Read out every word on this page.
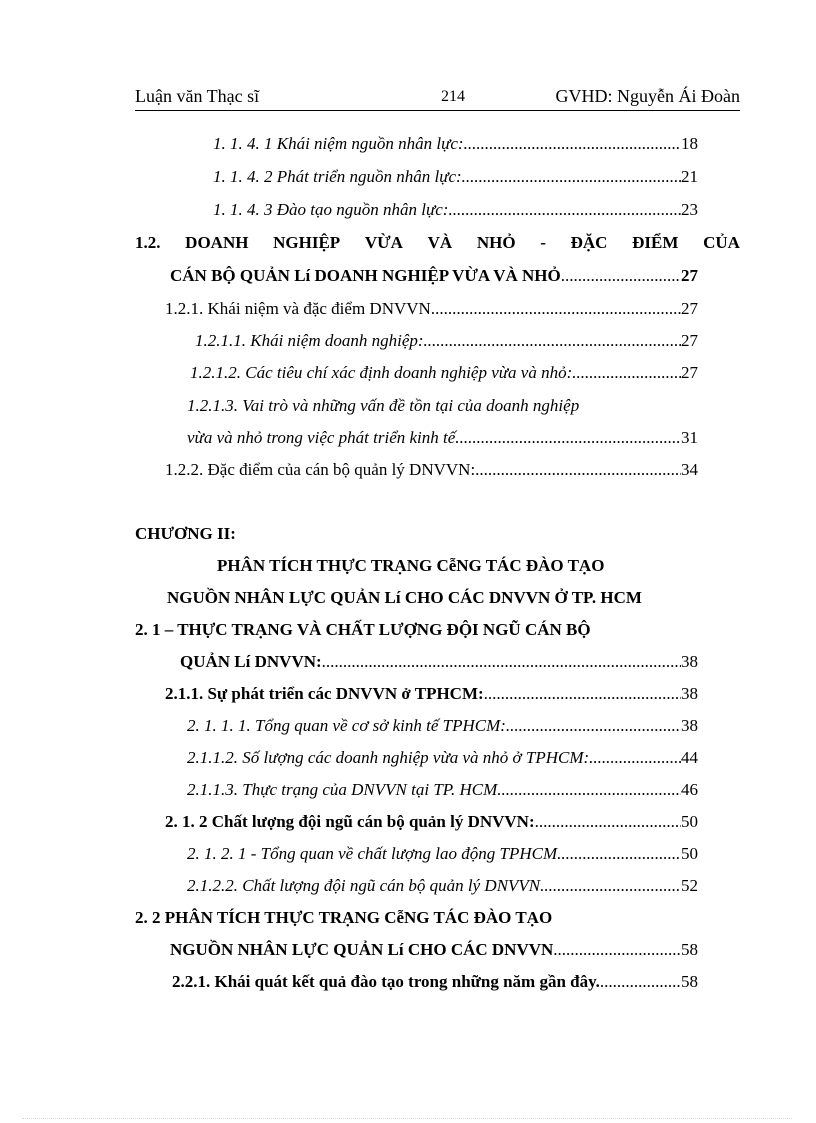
Luận văn Thạc sĩ	214	GVHD: Nguyễn Ái Đoàn
1. 1. 4. 1 Khái niệm nguồn nhân lực: .....	18
1. 1. 4. 2 Phát triển nguồn nhân lực: .....	21
1. 1. 4. 3 Đào tạo nguồn nhân lực: .....	23
1.2. DOANH NGHIỆP VỪA VÀ NHỎ - ĐẶC ĐIỂM CỦA
CÁN BỘ QUẢN Lí DOANH NGHIỆP VỪA VÀ NHỎ .....	27
1.2.1. Khái niệm và đặc điểm DNVVN. .....	27
1.2.1.1. Khái niệm doanh nghiệp: .....	27
1.2.1.2. Các tiêu chí xác định doanh nghiệp vừa và nhỏ: .....	27
1.2.1.3. Vai trò và những vấn đề tồn tại của doanh nghiệp
vừa và nhỏ trong việc phát triển kinh tế. .....	31
1.2.2. Đặc điểm của cán bộ quản lý DNVVN: .....	34
CHƯƠNG II:
PHÂN TÍCH THỰC TRẠNG CễNG TÁC ĐÀO TẠO
NGUỒN NHÂN LỰC QUẢN Lí CHO CÁC DNVVN Ở TP. HCM
2. 1 – THỰC TRẠNG VÀ CHẤT LƯỢNG ĐỘI NGŨ CÁN BỘ
QUẢN Lí DNVVN: .....	38
2.1.1. Sự phát triển các DNVVN ở TPHCM: .....	38
2. 1. 1. 1. Tổng quan về cơ sở kinh tế TPHCM: .....	38
2.1.1.2. Số lượng các doanh nghiệp vừa và nhỏ ở TPHCM: .....	44
2.1.1.3. Thực trạng của DNVVN tại TP. HCM .....	46
2. 1. 2 Chất lượng đội ngũ cán bộ quản lý DNVVN: .....	50
2. 1. 2. 1 - Tổng quan về chất lượng lao động TPHCM .....	50
2.1.2.2. Chất lượng đội ngũ cán bộ quản lý DNVVN .....	52
2. 2 PHÂN TÍCH THỰC TRẠNG CễNG TÁC ĐÀO TẠO
NGUỒN NHÂN LỰC QUẢN Lí CHO CÁC DNVVN .....	58
2.2.1. Khái quát kết quả đào tạo trong những năm gần đây. .....	58
